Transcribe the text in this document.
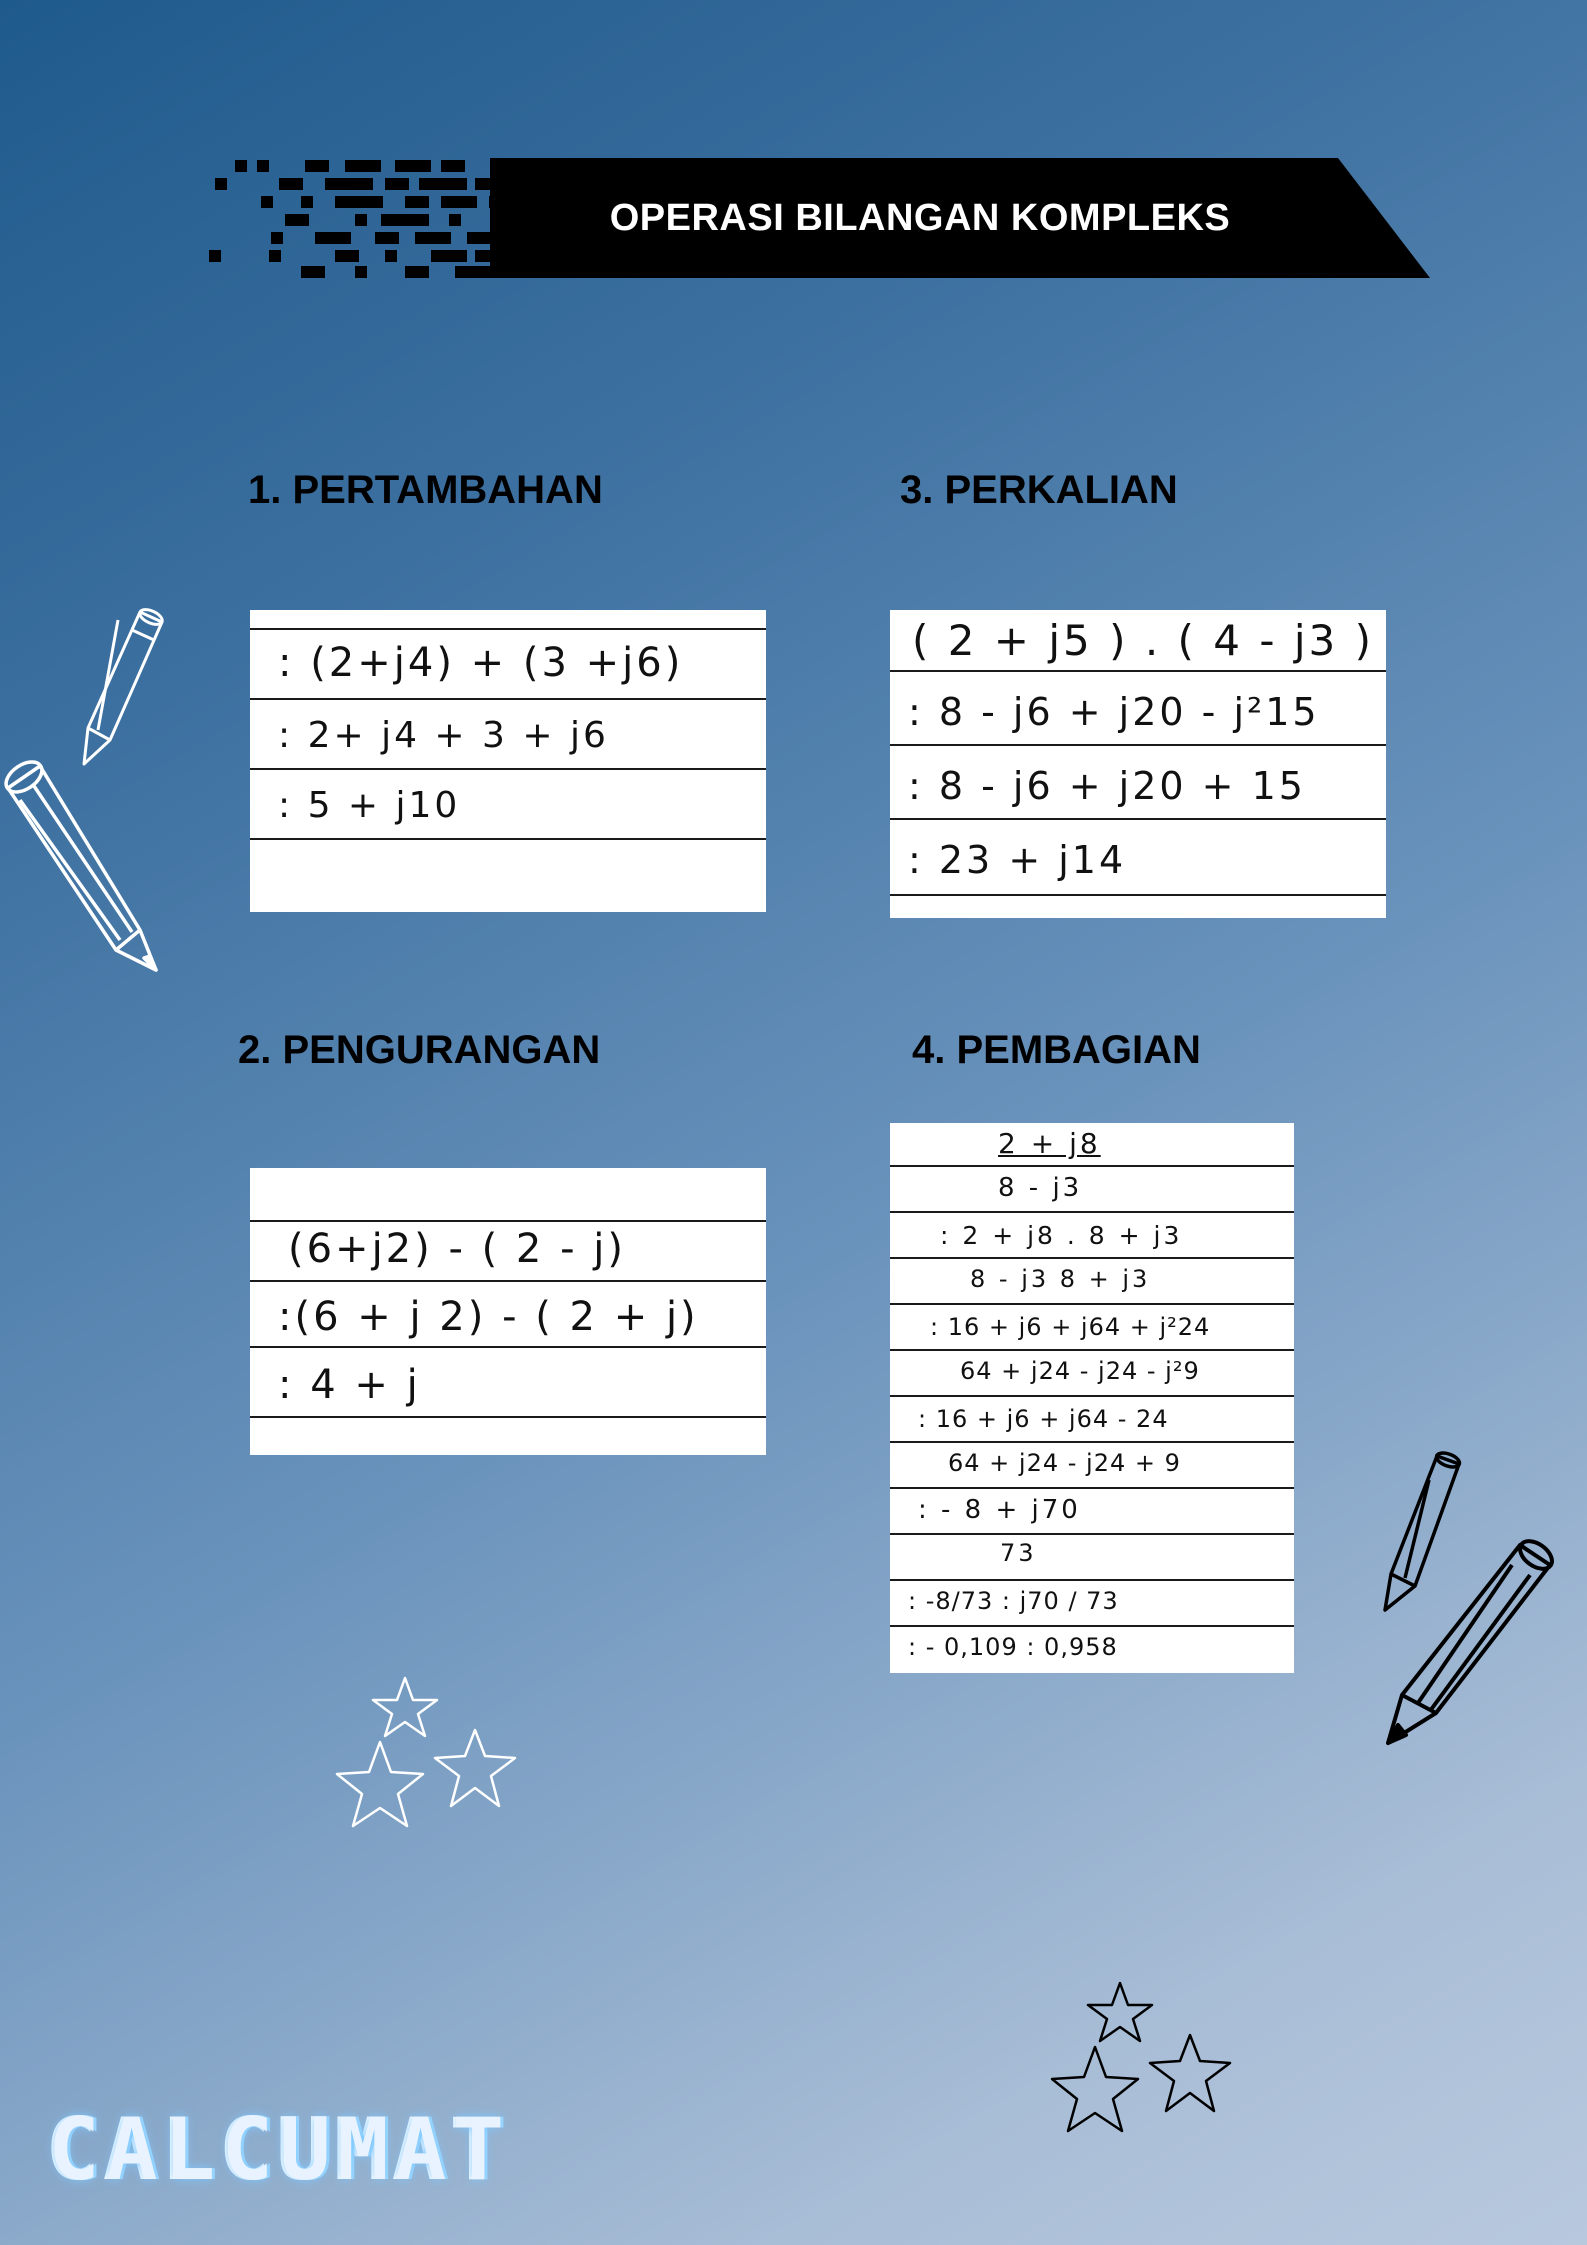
OPERASI BILANGAN KOMPLEKS
1. PERTAMBAHAN
: (2+j4) + (3 +j6)
: 2+ j4 + 3 + j6
: 5 + j10
2. PENGURANGAN
(6+j2) - ( 2 - j)
:(6 + j 2) - ( 2 + j)
: 4 + j
3. PERKALIAN
( 2 + j5 ) . ( 4 - j3 )
: 8 - j6 + j20 - j²15
: 8 - j6 + j20 + 15
: 23 + j14
4. PEMBAGIAN
2 + j8
8 - j3
: 2 + j8 . 8 + j3
8 - j3 8 + j3
: 16 + j6 + j64 + j²24
64 + j24 - j24 - j²9
: 16 + j6 + j64 - 24
64 + j24 - j24 + 9
: - 8 + j70
73
: -8/73 : j70 / 73
: - 0,109 : 0,958
CALCUMAT
